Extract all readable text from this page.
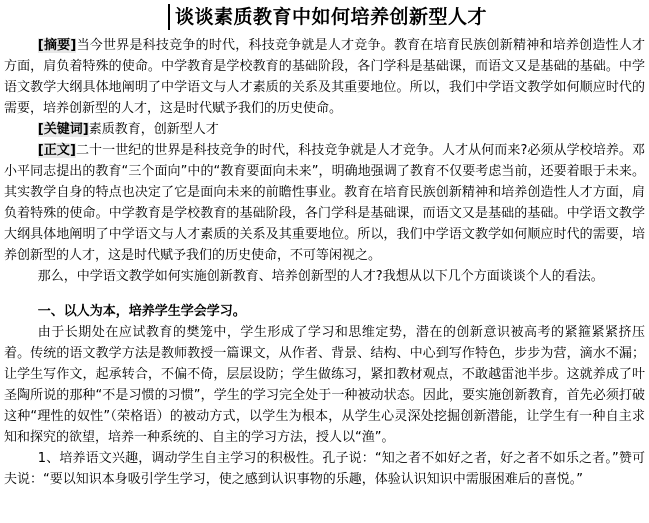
谈谈素质教育中如何培养创新型人才

[摘要]当今世界是科技竞争的时代，科技竞争就是人才竞争。教育在培育民族创新精神和培养创造性人才方面，肩负着特殊的使命。中学教育是学校教育的基础阶段，各门学科是基础课，而语文又是基础的基础。中学语文教学大纲具体地阐明了中学语文与人才素质的关系及其重要地位。所以，我们中学语文教学如何顺应时代的需要，培养创新型的人才，这是时代赋予我们的历史使命。

[关键词]素质教育，创新型人才

[正文]二十一世纪的世界是科技竞争的时代，科技竞争就是人才竞争。人才从何而来?必须从学校培养。邓小平同志提出的教育“三个面向”中的“教育要面向未来”，明确地强调了教育不仅要考虑当前，还要着眼于未来。其实教学自身的特点也决定了它是面向未来的前瞻性事业。教育在培育民族创新精神和培养创造性人才方面，肩负着特殊的使命。中学教育是学校教育的基础阶段，各门学科是基础课，而语文又是基础的基础。中学语文教学大纲具体地阐明了中学语文与人才素质的关系及其重要地位。所以，我们中学语文教学如何顺应时代的需要，培养创新型的人才，这是时代赋予我们的历史使命，不可等闲视之。

那么，中学语文教学如何实施创新教育、培养创新型的人才?我想从以下几个方面谈谈个人的看法。

一、以人为本，培养学生学会学习。

由于长期处在应试教育的樊笼中，学生形成了学习和思维定势，潜在的创新意识被高考的紧箍紧紧挤压着。传统的语文教学方法是教师教授一篇课文，从作者、背景、结构、中心到写作特色，步步为营，滴水不漏；让学生写作文，起承转合，不偏不倚，层层设防；学生做练习，紧扣教材观点，不敢越雷池半步。这就养成了叶圣陶所说的那种“不是习惯的习惯”，学生的学习完全处于一种被动状态。因此，要实施创新教育，首先必须打破这种“理性的奴性”（荣格语）的被动方式，以学生为根本，从学生心灵深处挖掘创新潜能，让学生有一种自主求知和探究的欲望，培养一种系统的、自主的学习方法，授人以“渔”。

1、培养语文兴趣，调动学生自主学习的积极性。孔子说：“知之者不如好之者，好之者不如乐之者。”赞可夫说：“要以知识本身吸引学生学习，使之感到认识事物的乐趣，体验认识知识中需服困难后的喜悦。”
